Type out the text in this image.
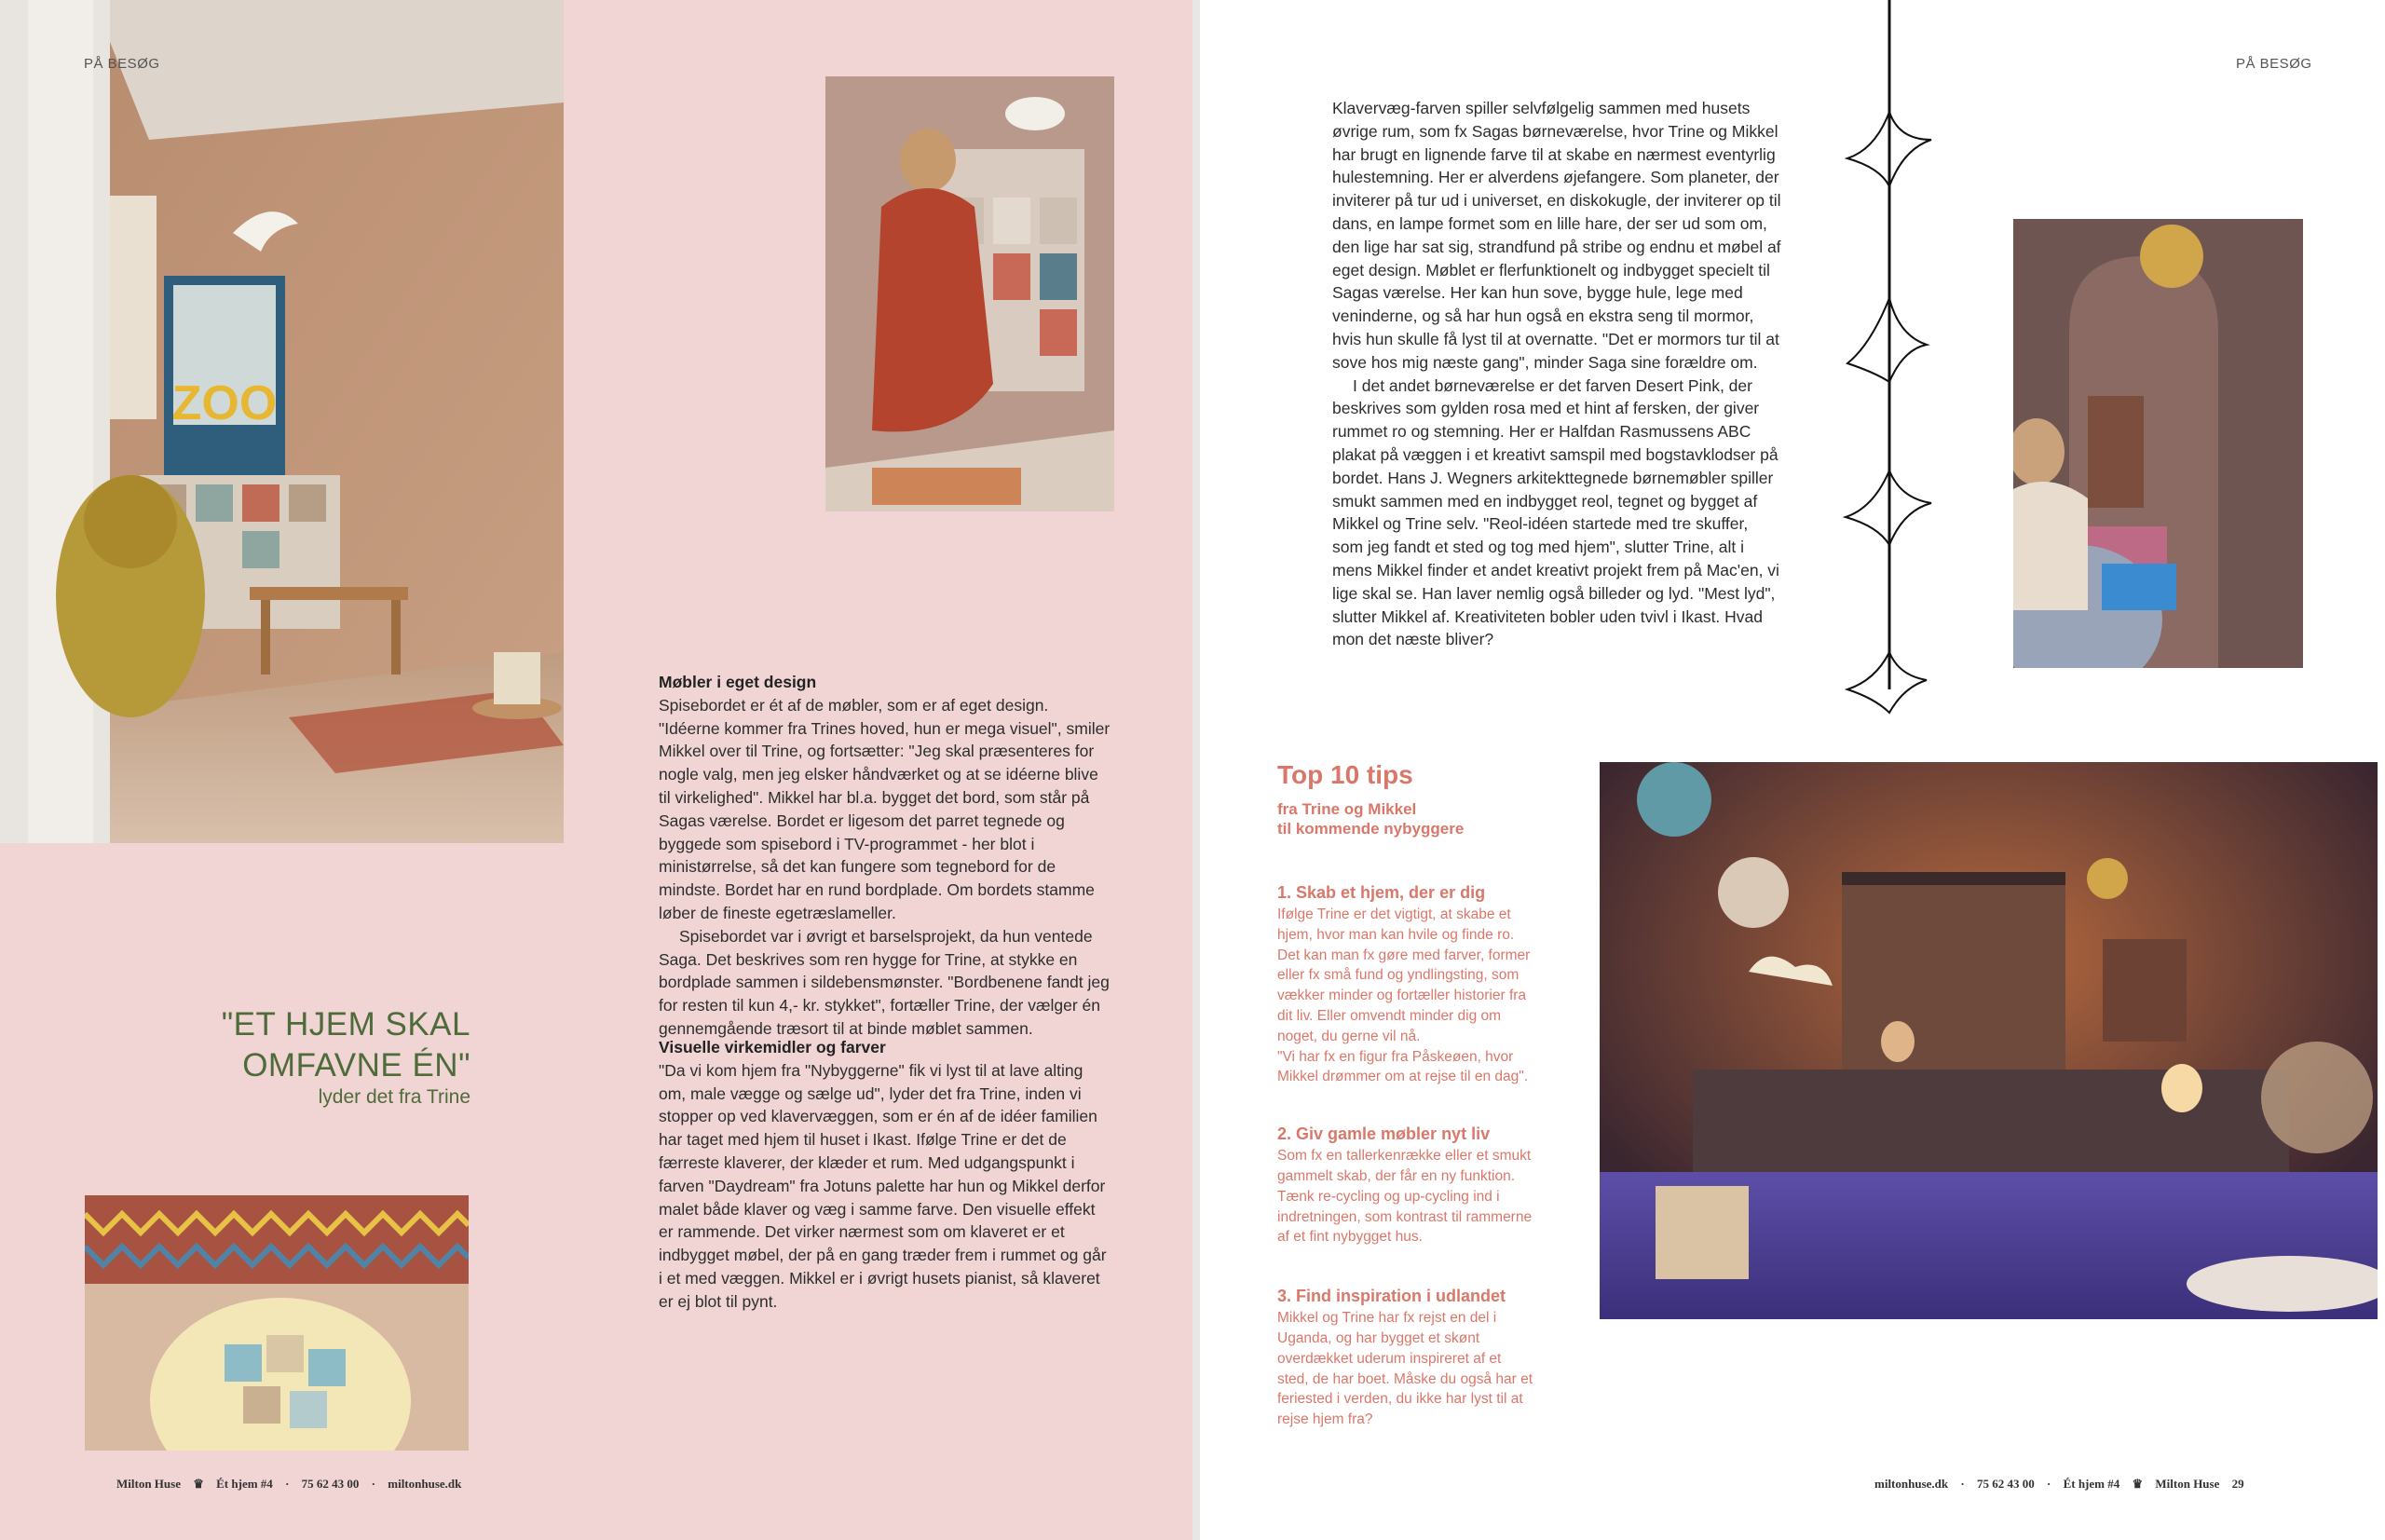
ZOO
PÅ BESØG

Møbler i eget design

Spisebordet er ét af de møbler, som er af eget design. "Idéerne kommer fra Trines hoved, hun er mega visuel", smiler Mikkel over til Trine, og fortsætter: "Jeg skal præsenteres for nogle valg, men jeg elsker håndværket og at se idéerne blive til virkelighed". Mikkel har bl.a. bygget det bord, som står på Sagas værelse. Bordet er ligesom det parret tegnede og byggede som spisebord i TV-programmet - her blot i ministørrelse, så det kan fungere som tegnebord for de mindste. Bordet har en rund bordplade. Om bordets stamme løber de fineste egetræslameller.

Spisebordet var i øvrigt et barselsprojekt, da hun ventede Saga. Det beskrives som ren hygge for Trine, at stykke en bordplade sammen i sildebensmønster. "Bordbenene fandt jeg for resten til kun 4,- kr. stykket", fortæller Trine, der vælger én gennemgående træsort til at binde møblet sammen.

Visuelle virkemidler og farver

"Da vi kom hjem fra "Nybyggerne" fik vi lyst til at lave alting om, male vægge og sælge ud", lyder det fra Trine, inden vi stopper op ved klaverv​æggen, som er én af de idéer familien har taget med hjem til huset i Ikast. Ifølge Trine er det de færreste klaverer, der klæder et rum. Med udgangspunkt i farven "Daydream" fra Jotuns palette har hun og Mikkel derfor malet både klaver og væg i samme farve. Den visuelle effekt er rammende. Det virker nærmest som om klaveret er et indbygget møbel, der på en gang træder frem i rummet og går i et med væggen. Mikkel er i øvrigt husets pianist, så klaveret er ej blot til pynt.

"ET HJEM SKAL
OMFAVNE ÉN"
lyder det fra Trine
Milton Huse ♛ Ét hjem #4 · 75 62 43 00 · miltonhuse.dk
PÅ BESØG

Klaverv​æg-farven spiller selvfølgelig sammen med husets øvrige rum, som fx Sagas børneværelse, hvor Trine og Mikkel har brugt en lignende farve til at skabe en nærmest eventyrlig hulestemning. Her er alverdens øjefangere. Som planeter, der inviterer på tur ud i universet, en diskokugle, der inviterer op til dans, en lampe formet som en lille hare, der ser ud som om, den lige har sat sig, strandfund på stribe og endnu et møbel af eget design. Møblet er flerfunktionelt og indbygget specielt til Sagas værelse. Her kan hun sove, bygge hule, lege med veninderne, og så har hun også en ekstra seng til mormor, hvis hun skulle få lyst til at overnatte. "Det er mormors tur til at sove hos mig næste gang", minder Saga sine forældre om.

I det andet børneværelse er det farven Desert Pink, der beskrives som gylden rosa med et hint af fersken, der giver rummet ro og stemning. Her er Halfdan Rasmussens ABC plakat på væggen i et kreativt samspil med bogstavklodser på bordet. Hans J. Wegners arkitekttegnede børnemøbler spiller smukt sammen med en indbygget reol, tegnet og bygget af Mikkel og Trine selv. "Reol-idéen startede med tre skuffer, som jeg fandt et sted og tog med hjem", slutter Trine, alt i mens Mikkel finder et andet kreativt projekt frem på Mac'en, vi lige skal se. Han laver nemlig også billeder og lyd. "Mest lyd", slutter Mikkel af. Kreativiteten bobler uden tvivl i Ikast. Hvad mon det næste bliver?

Top 10 tips
fra Trine og Mikkel
til kommende nybyggere

1. Skab et hjem, der er dig

Ifølge Trine er det vigtigt, at skabe et hjem, hvor man kan hvile og finde ro. Det kan man fx gøre med farver, former eller fx små fund og yndlingsting, som vækker minder og fortæller historier fra dit liv. Eller omvendt minder dig om noget, du gerne vil nå.

"Vi har fx en figur fra Påskeøen, hvor Mikkel drømmer om at rejse til en dag".

2. Giv gamle møbler nyt liv

Som fx en tallerkenrække eller et smukt gammelt skab, der får en ny funktion. Tænk re-cycling og up-cycling ind i indretningen, som kontrast til rammerne af et fint nybygget hus.

3. Find inspiration i udlandet

Mikkel og Trine har fx rejst en del i Uganda, og har bygget et skønt overdækket uderum inspireret af et sted, de har boet. Måske du også har et feriested i verden, du ikke har lyst til at rejse hjem fra?

miltonhuse.dk · 75 62 43 00 · Ét hjem #4 ♛ Milton Huse 29
